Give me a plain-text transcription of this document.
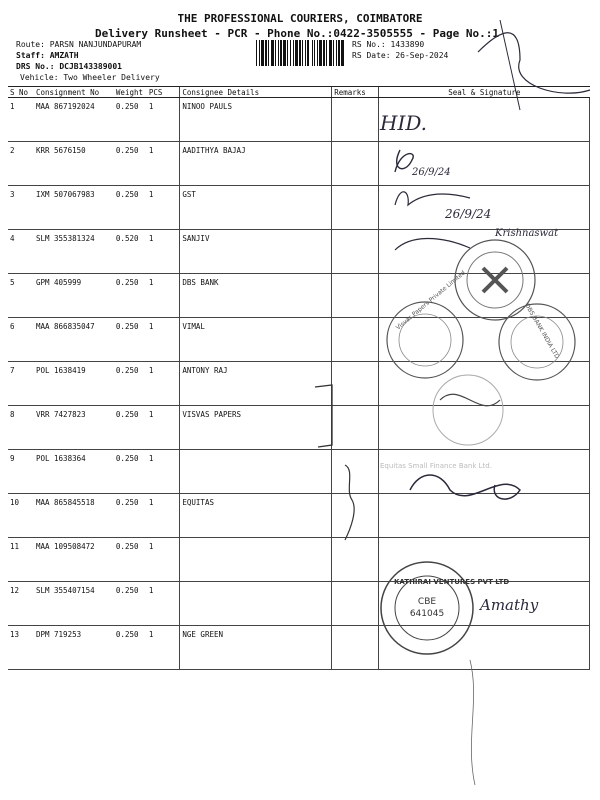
THE PROFESSIONAL COURIERS, COIMBATORE
Delivery Runsheet - PCR - Phone No.:0422-3505555 - Page No.:1
Route: PARSN NANJUNDAPURAM
Staff: AMZATH
DRS No.: DCJB143389001
Vehicle: Two Wheeler Delivery
RS No.: 1433890
RS Date: 26-Sep-2024
S No	Consignment No	Weight	PCS	Consignee Details	Remarks	Seal & Signature
1	MAA 867192024	0.250	1	NINOO PAULS		
2	KRR 5676150	0.250	1	AADITHYA BAJAJ		
3	IXM 507067983	0.250	1	GST		
4	SLM 355381324	0.520	1	SANJIV		
5	GPM 405999	0.250	1	DBS BANK		
6	MAA 866835047	0.250	1	VIMAL		
7	POL 1638419	0.250	1	ANTONY RAJ		
8	VRR 7427823	0.250	1	VISVAS PAPERS		
9	POL 1638364	0.250	1			
10	MAA 865845518	0.250	1	EQUITAS		
11	MAA 109508472	0.250	1			
12	SLM 355407154	0.250	1			
13	DPM 719253	0.250	1	NGE GREEN		
HID.
26/9/24
26/9/24
Krishnaswat
DBS BANK INDIA LTD
Visvas Papers Private Limited
Equitas Small Finance Bank Ltd.
CBE
641045
KATHIRAI VENTURES PVT LTD
Amathy
